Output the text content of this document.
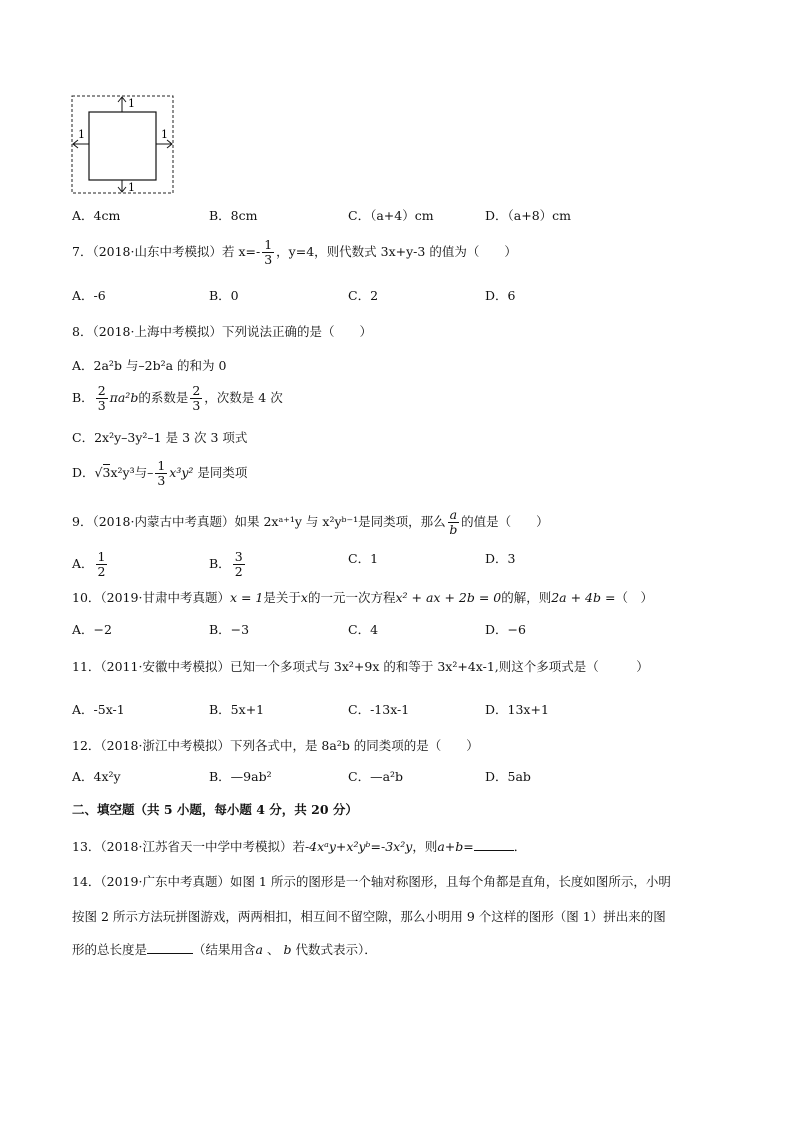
1
1	1
1
A．4cm	B．8cm	C．（a+4）cm	D．（a+8）cm
7．（2018·山东中考模拟）若 $x=- \frac{1}{3}$ ，y=4，则代数式 3x+y-3 的值为（　　）
A．-6	B．0	C．2	D．6
8．（2018·上海中考模拟）下列说法正确的是（　　）
A．2a²b 与–2b²a 的和为 0
B． $\frac{2}{3} \pi a^2b$的系数是 $\frac{2}{3}$ ，次数是 4 次
C．2x²y–3y²–1 是 3 次 3 项式
D．√3x²y³与– $\frac{1}{3} x^3y^2$ 是同类项
9．（2018·内蒙古中考真题）如果 2xᵃ⁺¹y 与 x²yᵇ⁻¹是同类项，那么 $\frac{a}{b}$ 的值是（　　）
A． $\frac{1}{2}$	B． $\frac{3}{2}$	C．1	D．3
10．（2019·甘肃中考真题）x = 1是关于x的一元一次方程x² + ax + 2b = 0的解，则2a + 4b =（　）
A．−2	B．−3	C．4	D．−6
11．（2011·安徽中考模拟）已知一个多项式与 3x²+9x 的和等于 3x²+4x-1,则这个多项式是（　　　）
A．-5x-1	B．5x+1	C．-13x-1	D．13x+1
12．（2018·浙江中考模拟）下列各式中，是 8a²b 的同类项的是（　　）
A．4x²y	B．—9ab²	C．—a²b	D．5ab
二、填空题（共 5 小题，每小题 4 分，共 20 分）
13．（2018·江苏省天一中学中考模拟）若-4xᵃy+x²yᵇ=-3x²y，则a+b=	．
14．（2019·广东中考真题）如图 1 所示的图形是一个轴对称图形，且每个角都是直角，长度如图所示，小明
按图 2 所示方法玩拼图游戏，两两相扣，相互间不留空隙，那么小明用 9 个这样的图形（图 1）拼出来的图
形的总长度是	（结果用含a 、 b 代数式表示）．
